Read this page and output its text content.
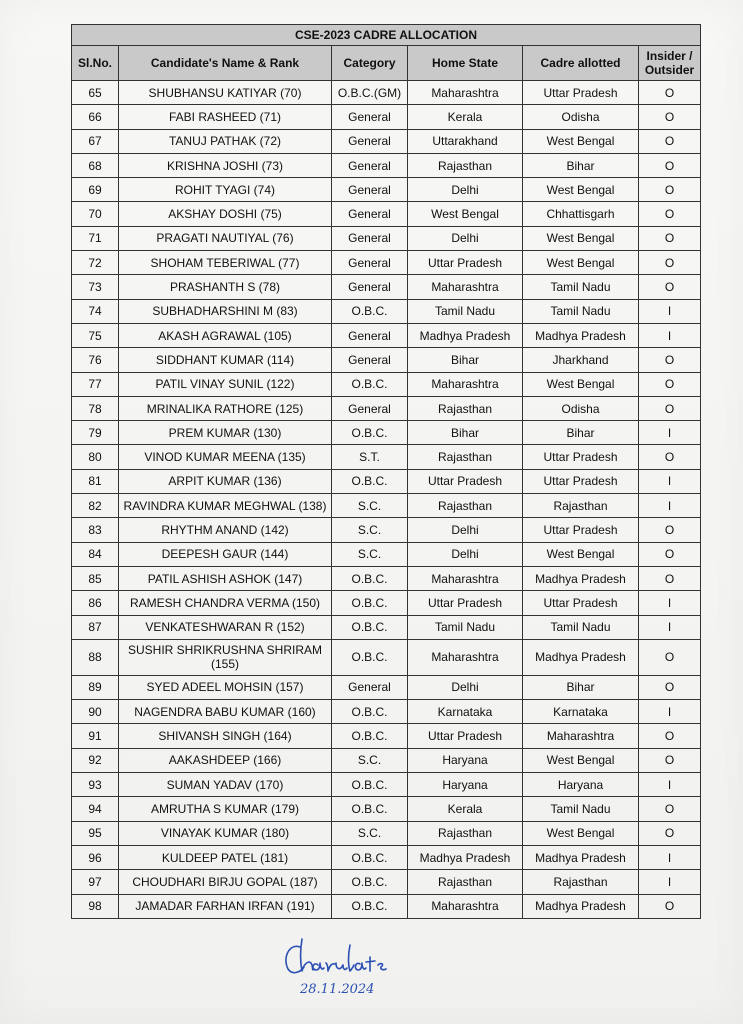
CSE-2023 CADRE ALLOCATION					
Sl.No.	Candidate's Name & Rank	Category	Home State	Cadre allotted	Insider / Outsider
65	SHUBHANSU KATIYAR (70)	O.B.C.(GM)	Maharashtra	Uttar Pradesh	O
66	FABI RASHEED (71)	General	Kerala	Odisha	O
67	TANUJ PATHAK (72)	General	Uttarakhand	West Bengal	O
68	KRISHNA JOSHI (73)	General	Rajasthan	Bihar	O
69	ROHIT TYAGI (74)	General	Delhi	West Bengal	O
70	AKSHAY DOSHI (75)	General	West Bengal	Chhattisgarh	O
71	PRAGATI NAUTIYAL (76)	General	Delhi	West Bengal	O
72	SHOHAM TEBERIWAL (77)	General	Uttar Pradesh	West Bengal	O
73	PRASHANTH S (78)	General	Maharashtra	Tamil Nadu	O
74	SUBHADHARSHINI M (83)	O.B.C.	Tamil Nadu	Tamil Nadu	I
75	AKASH AGRAWAL (105)	General	Madhya Pradesh	Madhya Pradesh	I
76	SIDDHANT KUMAR (114)	General	Bihar	Jharkhand	O
77	PATIL VINAY SUNIL (122)	O.B.C.	Maharashtra	West Bengal	O
78	MRINALIKA RATHORE (125)	General	Rajasthan	Odisha	O
79	PREM KUMAR (130)	O.B.C.	Bihar	Bihar	I
80	VINOD KUMAR MEENA (135)	S.T.	Rajasthan	Uttar Pradesh	O
81	ARPIT KUMAR (136)	O.B.C.	Uttar Pradesh	Uttar Pradesh	I
82	RAVINDRA KUMAR MEGHWAL (138)	S.C.	Rajasthan	Rajasthan	I
83	RHYTHM ANAND (142)	S.C.	Delhi	Uttar Pradesh	O
84	DEEPESH GAUR (144)	S.C.	Delhi	West Bengal	O
85	PATIL ASHISH ASHOK (147)	O.B.C.	Maharashtra	Madhya Pradesh	O
86	RAMESH CHANDRA VERMA (150)	O.B.C.	Uttar Pradesh	Uttar Pradesh	I
87	VENKATESHWARAN R (152)	O.B.C.	Tamil Nadu	Tamil Nadu	I
88	SUSHIR SHRIKRUSHNA SHRIRAM (155)	O.B.C.	Maharashtra	Madhya Pradesh	O
89	SYED ADEEL MOHSIN (157)	General	Delhi	Bihar	O
90	NAGENDRA BABU KUMAR (160)	O.B.C.	Karnataka	Karnataka	I
91	SHIVANSH SINGH (164)	O.B.C.	Uttar Pradesh	Maharashtra	O
92	AAKASHDEEP (166)	S.C.	Haryana	West Bengal	O
93	SUMAN YADAV (170)	O.B.C.	Haryana	Haryana	I
94	AMRUTHA S KUMAR (179)	O.B.C.	Kerala	Tamil Nadu	O
95	VINAYAK KUMAR (180)	S.C.	Rajasthan	West Bengal	O
96	KULDEEP PATEL (181)	O.B.C.	Madhya Pradesh	Madhya Pradesh	I
97	CHOUDHARI BIRJU GOPAL (187)	O.B.C.	Rajasthan	Rajasthan	I
98	JAMADAR FARHAN IRFAN (191)	O.B.C.	Maharashtra	Madhya Pradesh	O
28.11.2024
